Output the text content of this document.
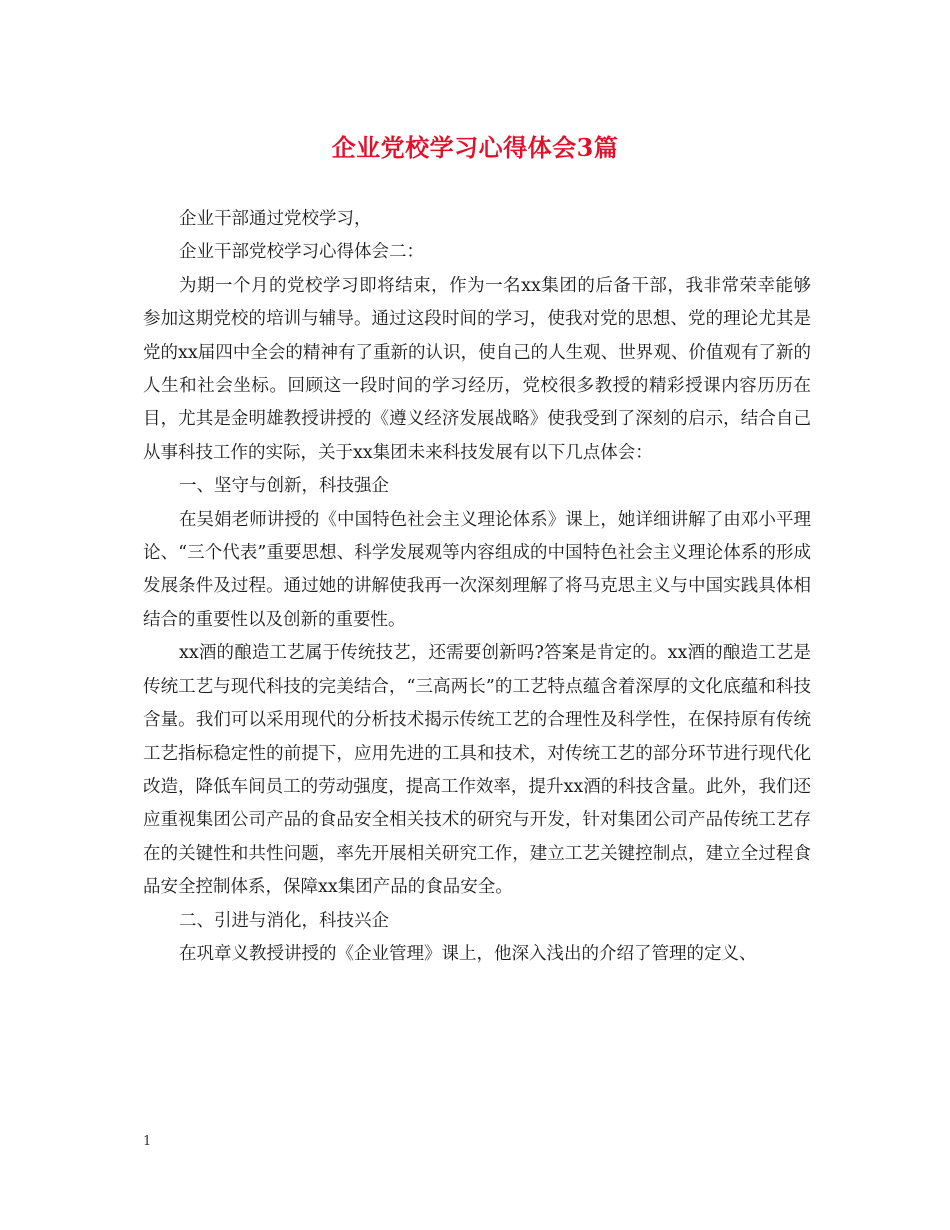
企业党校学习心得体会3篇

企业干部通过党校学习，

企业干部党校学习心得体会二：

为期一个月的党校学习即将结束，作为一名xx集团的后备干部，我非常荣幸能够参加这期党校的培训与辅导。通过这段时间的学习，使我对党的思想、党的理论尤其是党的xx届四中全会的精神有了重新的认识，使自己的人生观、世界观、价值观有了新的人生和社会坐标。回顾这一段时间的学习经历，党校很多教授的精彩授课内容历历在目，尤其是金明雄教授讲授的《遵义经济发展战略》使我受到了深刻的启示，结合自己从事科技工作的实际，关于xx集团未来科技发展有以下几点体会：

一、坚守与创新，科技强企

在吴娟老师讲授的《中国特色社会主义理论体系》课上，她详细讲解了由邓小平理论、“三个代表”重要思想、科学发展观等内容组成的中国特色社会主义理论体系的形成发展条件及过程。通过她的讲解使我再一次深刻理解了将马克思主义与中国实践具体相结合的重要性以及创新的重要性。

xx酒的酿造工艺属于传统技艺，还需要创新吗?答案是肯定的。xx酒的酿造工艺是传统工艺与现代科技的完美结合，“三高两长”的工艺特点蕴含着深厚的文化底蕴和科技含量。我们可以采用现代的分析技术揭示传统工艺的合理性及科学性，在保持原有传统工艺指标稳定性的前提下，应用先进的工具和技术，对传统工艺的部分环节进行现代化改造，降低车间员工的劳动强度，提高工作效率，提升xx酒的科技含量。此外，我们还应重视集团公司产品的食品安全相关技术的研究与开发，针对集团公司产品传统工艺存在的关键性和共性问题，率先开展相关研究工作，建立工艺关键控制点，建立全过程食品安全控制体系，保障xx集团产品的食品安全。

二、引进与消化，科技兴企

在巩章义教授讲授的《企业管理》课上，他深入浅出的介绍了管理的定义、

1
